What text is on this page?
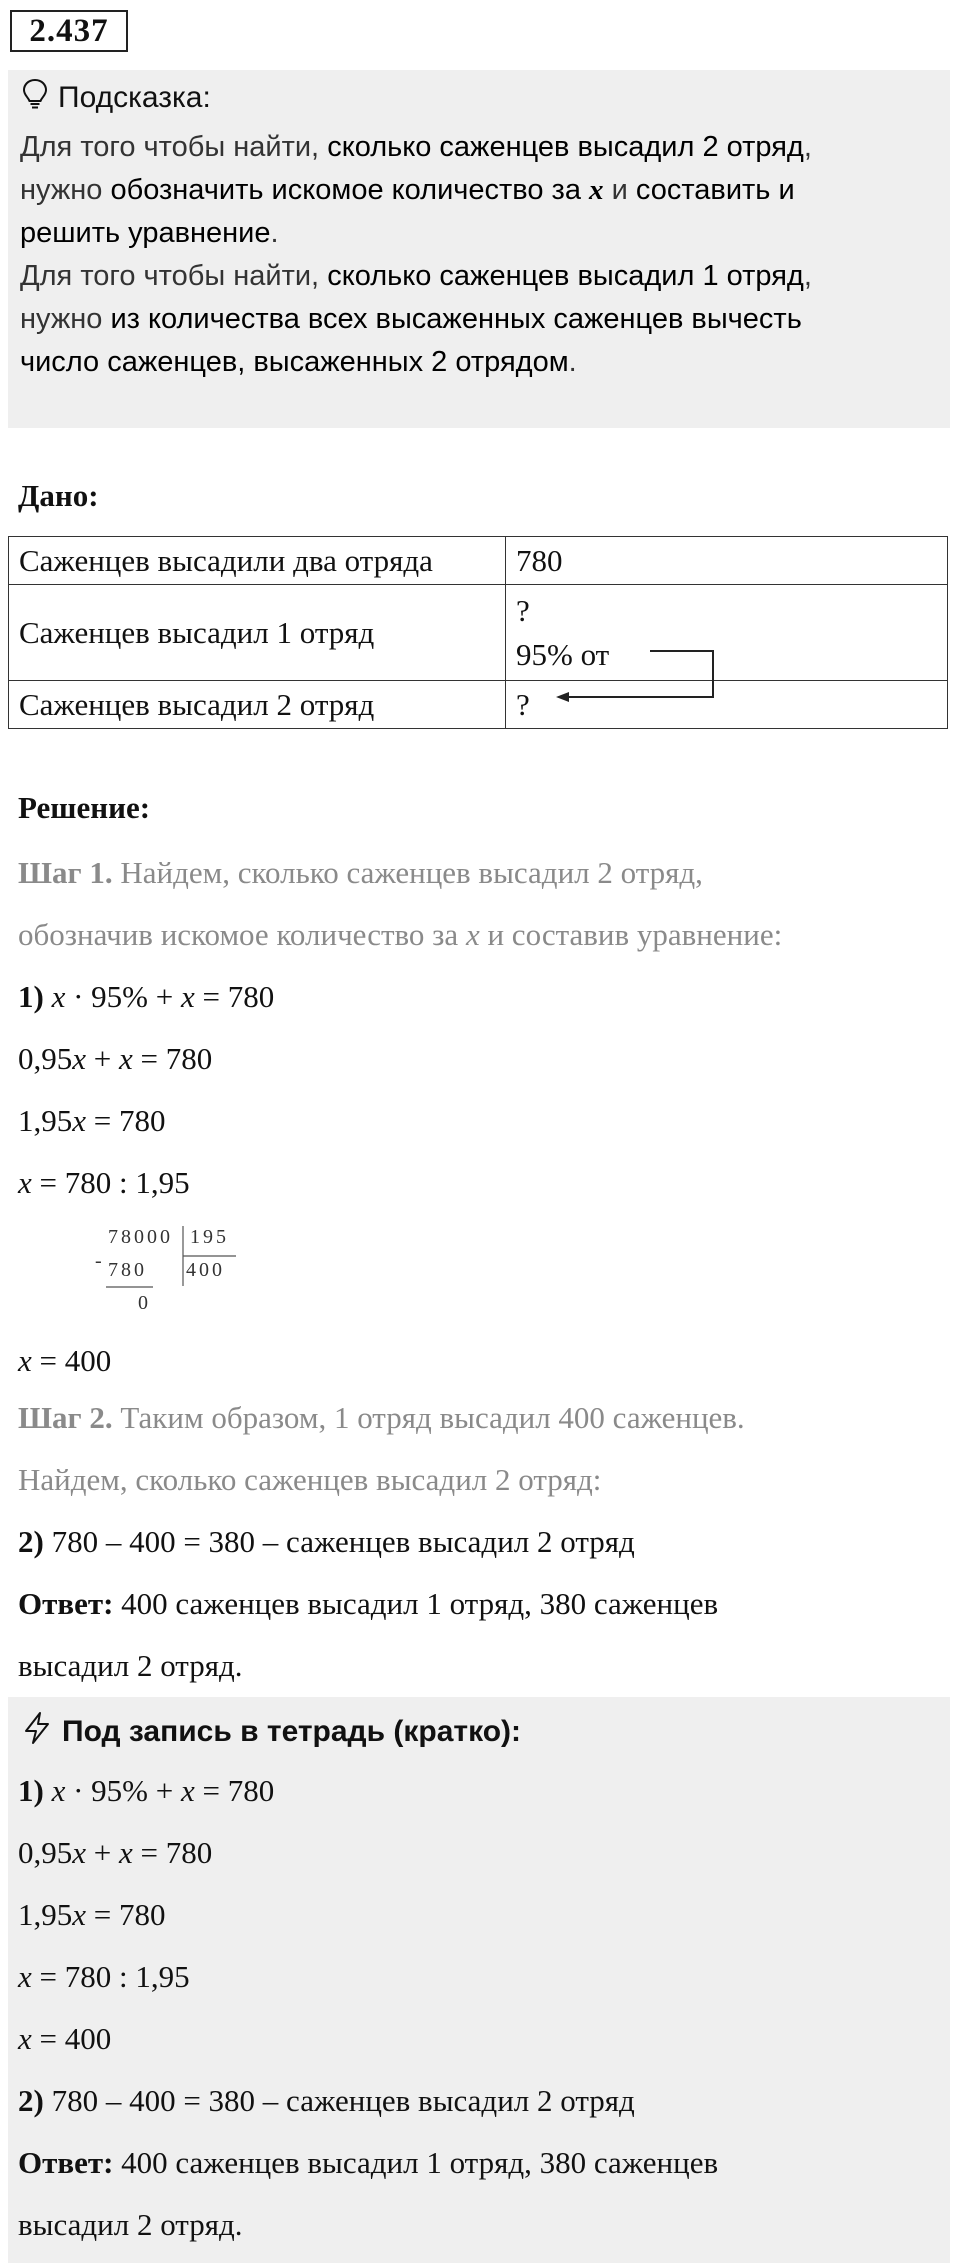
2.437
Подсказка:
Для того чтобы найти, сколько саженцев высадил 2 отряд,
нужно обозначить искомое количество за x и составить и
решить уравнение.
Для того чтобы найти, сколько саженцев высадил 1 отряд,
нужно из количества всех высаженных саженцев вычесть
число саженцев, высаженных 2 отрядом.
Дано:
Саженцев высадили два отряда	780
Саженцев высадил 1 отряд	?
95% от

Саженцев высадил 2 отряд	?
Решение:
Шаг 1. Найдем, сколько саженцев высадил 2 отряд,
обозначив искомое количество за x и составив уравнение:
1) x · 95% + x = 780
0,95x + x = 780
1,95x = 780
x = 780 : 1,95
78000 195
- 780 400
0
x = 400
Шаг 2. Таким образом, 1 отряд высадил 400 саженцев.
Найдем, сколько саженцев высадил 2 отряд:
2) 780 – 400 = 380 – саженцев высадил 2 отряд
Ответ: 400 саженцев высадил 1 отряд, 380 саженцев
высадил 2 отряд.
Под запись в тетрадь (кратко):
1) x · 95% + x = 780
0,95x + x = 780
1,95x = 780
x = 780 : 1,95
x = 400
2) 780 – 400 = 380 – саженцев высадил 2 отряд
Ответ: 400 саженцев высадил 1 отряд, 380 саженцев
высадил 2 отряд.
